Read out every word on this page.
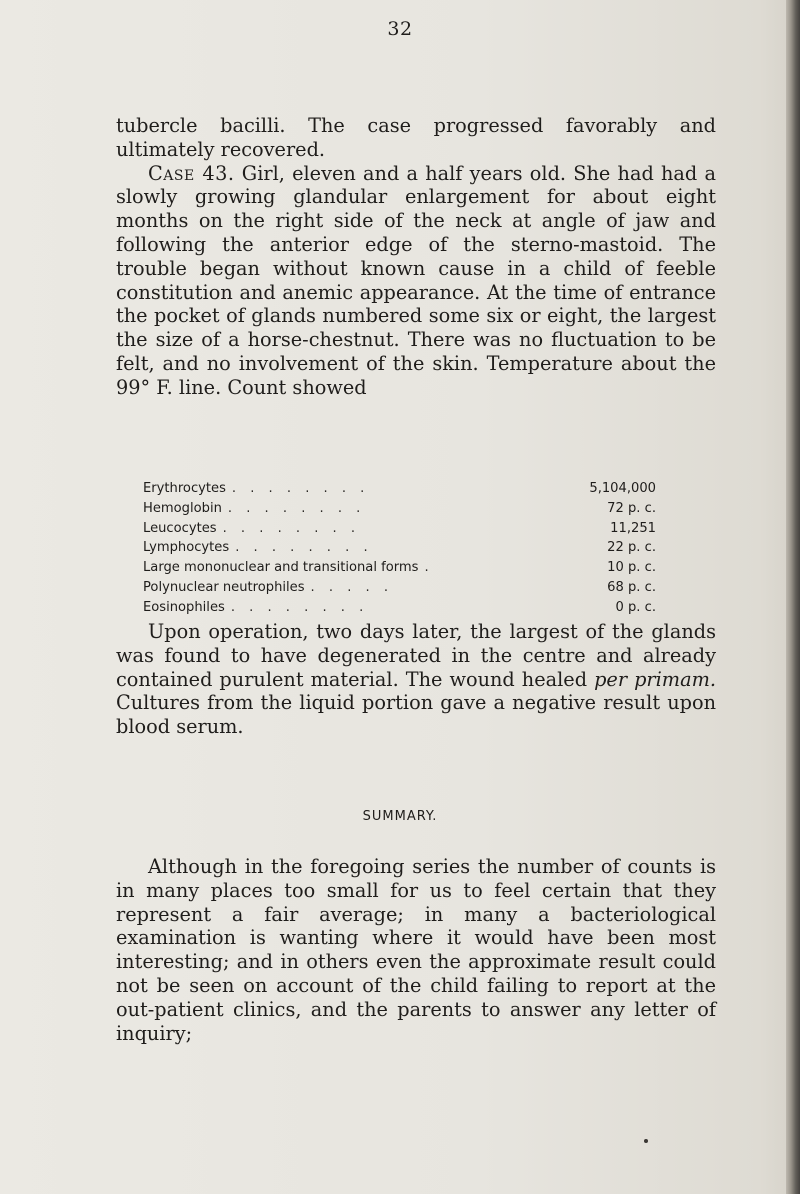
32

tubercle bacilli. The case progressed favorably and ultimately recovered.

Case 43. Girl, eleven and a half years old. She had had a slowly growing glandular enlargement for about eight months on the right side of the neck at angle of jaw and following the anterior edge of the sterno-mastoid. The trouble began without known cause in a child of feeble constitution and anemic appearance. At the time of entrance the pocket of glands numbered some six or eight, the largest the size of a horse-chestnut. There was no fluctuation to be felt, and no involvement of the skin. Temperature about the 99° F. line. Count showed

Erythrocytes . . . . . . . .	5,104,000
Hemoglobin . . . . . . . .	72 p. c.
Leucocytes . . . . . . . .	11,251
Lymphocytes . . . . . . . .	22 p. c.
Large mononuclear and transitional forms .	10 p. c.
Polynuclear neutrophiles . . . . .	68 p. c.
Eosinophiles . . . . . . . .	0 p. c.

Upon operation, two days later, the largest of the glands was found to have degenerated in the centre and already contained purulent material. The wound healed per primam. Cultures from the liquid portion gave a negative result upon blood serum.

SUMMARY.

Although in the foregoing series the number of counts is in many places too small for us to feel certain that they represent a fair average; in many a bacteriological examination is wanting where it would have been most interesting; and in others even the approximate result could not be seen on account of the child failing to report at the out-patient clinics, and the parents to answer any letter of inquiry;
